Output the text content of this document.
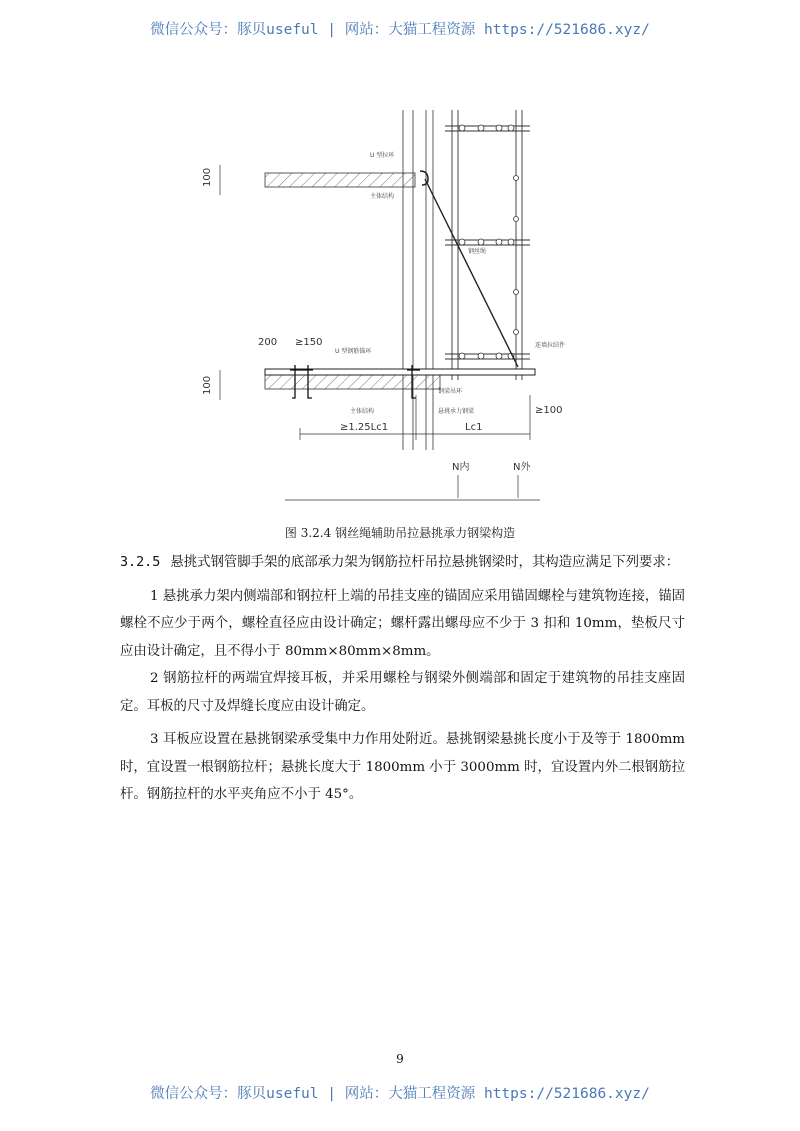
微信公众号：豚贝useful | 网站：大猫工程资源 https://521686.xyz/
100
100
200 ≥150
≥1.25Lc1	Lc1
≥100
N内	N外
U 型拉环
主体结构
钢丝绳
U 型钢筋锚环
主体结构	悬挑承力钢梁
钢梁吊环
连墙拉结件
图 3.2.4 钢丝绳辅助吊拉悬挑承力钢梁构造

3.2.5 悬挑式钢管脚手架的底部承力架为钢筋拉杆吊拉悬挑钢梁时，其构造应满足下列要求：

1 悬挑承力架内侧端部和钢拉杆上端的吊挂支座的锚固应采用锚固螺栓与建筑物连接，锚固螺栓不应少于两个，螺栓直径应由设计确定；螺杆露出螺母应不少于 3 扣和 10mm，垫板尺寸应由设计确定，且不得小于 80mm×80mm×8mm。

2 钢筋拉杆的两端宜焊接耳板，并采用螺栓与钢梁外侧端部和固定于建筑物的吊挂支座固定。耳板的尺寸及焊缝长度应由设计确定。

3 耳板应设置在悬挑钢梁承受集中力作用处附近。悬挑钢梁悬挑长度小于及等于 1800mm 时，宜设置一根钢筋拉杆；悬挑长度大于 1800mm 小于 3000mm 时，宜设置内外二根钢筋拉杆。钢筋拉杆的水平夹角应不小于 45°。

9
微信公众号：豚贝useful | 网站：大猫工程资源 https://521686.xyz/
